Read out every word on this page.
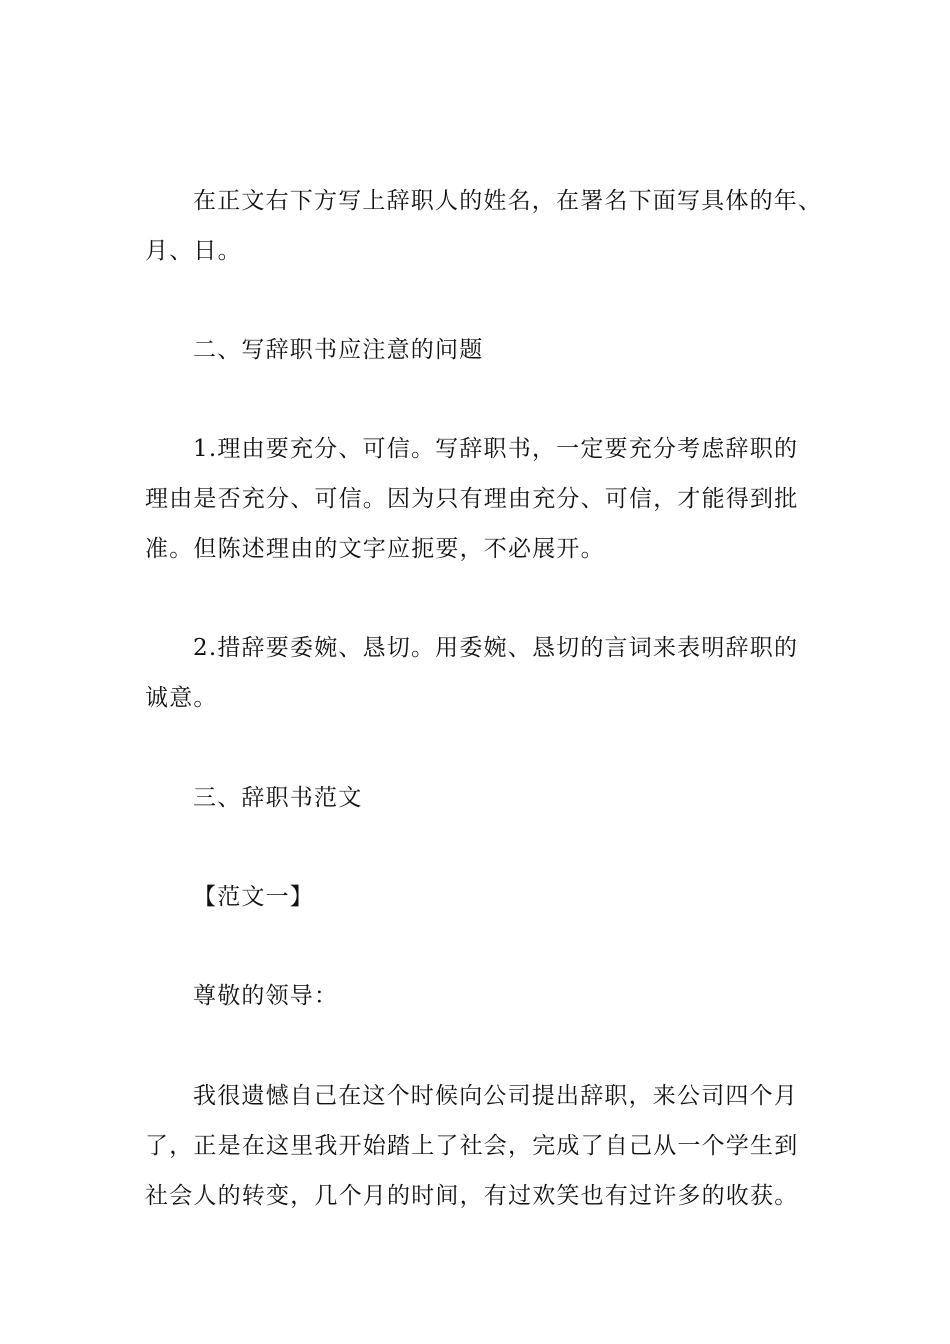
在正文右下方写上辞职人的姓名，在署名下面写具体的年、
月、日。

二、写辞职书应注意的问题

1.理由要充分、可信。写辞职书，一定要充分考虑辞职的
理由是否充分、可信。因为只有理由充分、可信，才能得到批
准。但陈述理由的文字应扼要，不必展开。

2.措辞要委婉、恳切。用委婉、恳切的言词来表明辞职的
诚意。

三、辞职书范文

【范文一】

尊敬的领导：

我很遗憾自己在这个时候向公司提出辞职，来公司四个月
了，正是在这里我开始踏上了社会，完成了自己从一个学生到
社会人的转变，几个月的时间，有过欢笑也有过许多的收获。
